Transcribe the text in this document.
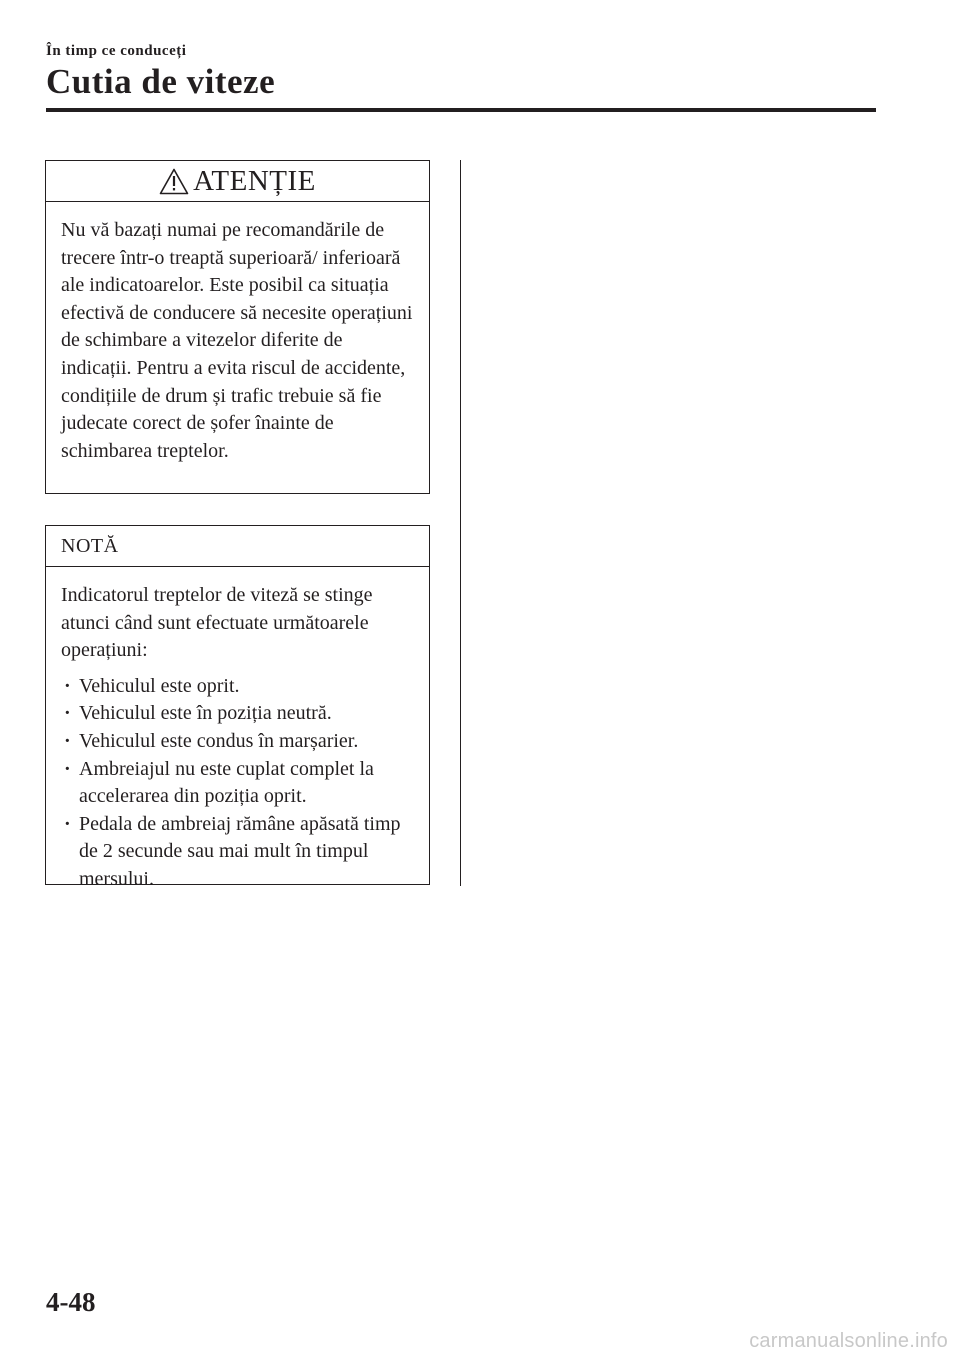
În timp ce conduceți
Cutia de viteze
ATENȚIE

Nu vă bazați numai pe recomandările de trecere într-o treaptă superioară/ inferioară ale indicatoarelor. Este posibil ca situația efectivă de conducere să necesite operațiuni de schimbare a vitezelor diferite de indicații. Pentru a evita riscul de accidente, condițiile de drum și trafic trebuie să fie judecate corect de șofer înainte de schimbarea treptelor.

NOTĂ

Indicatorul treptelor de viteză se stinge atunci când sunt efectuate următoarele operațiuni:

· Vehiculul este oprit.
· Vehiculul este în poziția neutră.
· Vehiculul este condus în marșarier.
· Ambreiajul nu este cuplat complet la accelerarea din poziția oprit.
· Pedala de ambreiaj rămâne apăsată timp de 2 secunde sau mai mult în timpul mersului.
4-48
carmanualsonline.info
